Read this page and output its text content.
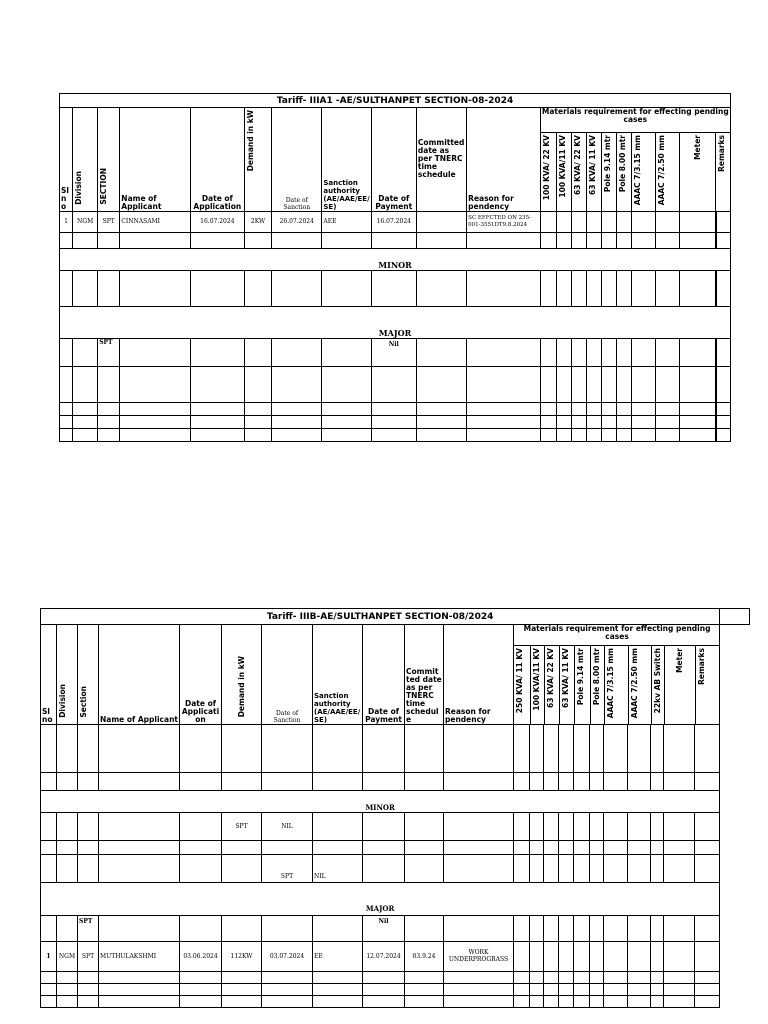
Tariff- IIIA1 -AE/SULTHANPET SECTION-08-2024
Sl no	Division	SECTION	Name of Applicant	Date of Application	Demand in kW	Date of Sanction	Sanction authority (AE/AAE/EE/ SE)	Date of Payment	Committed date as per TNERC time schedule	Reason for pendency	
Materials requirement for effecting pending cases
100 KVA/ 22 KV	100 KVA/11 KV	63 KVA/ 22 KV	63 KVA/ 11 KV	Pole 9.14 mtr	Pole 8.00 mtr	AAAC 7/3.15 mm	AAAC 7/2.50 mm	Meter	Remarks

1	NGM	SPT	CINNASAMI	16.07.2024	2KW	26.07.2024	AEE	16.07.2024		SC EFFCTED ON 235-001-3551DT9.8.2024										

MINOR

MAJOR
		SPT						Nil												

Tariff- IIIB-AE/SULTHANPET SECTION-08/2024	
Sl no	Division	Section	Name of Applicant	Date of Application	Demand in kW	Date of Sanction	Sanction authority (AE/AAE/EE/ SE)	Date of Payment	Committed date as per TNERC time schedule	Reason for pendency	
Materials requirement for effecting pending cases
250 KVA/ 11 KV	100 KVA/11 KV	63 KVA/ 22 KV	63 KVA/ 11 KV	Pole 9.14 mtr	Pole 8.00 mtr	AAAC 7/3.15 mm	AAAC 7/2.50 mm	22kv AB Switch	Meter	Remarks

MINOR	
					SPT	NIL																

						SPT	NIL															
MAJOR	
		SPT						Nil														
1	NGM	SPT	MUTHULAKSHMI	03.06.2024	112KW	03.07.2024	EE	12.07.2024	03.9.24	WORK UNDERPROGRASS												
